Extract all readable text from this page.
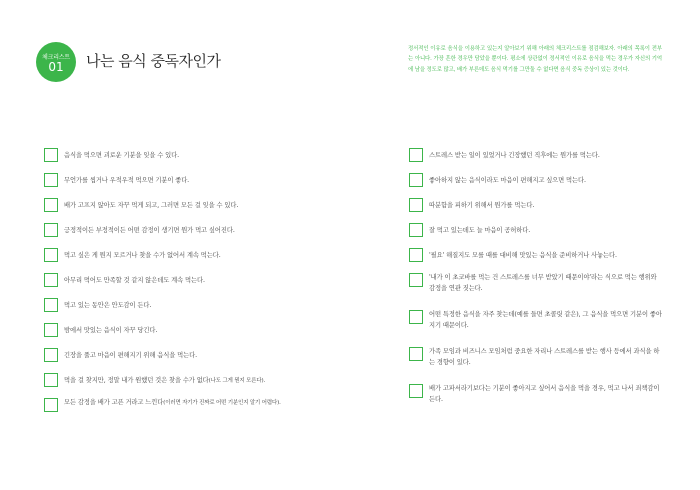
체크리스트
01	나는 음식 중독자인가
정서적인 이유로 음식을 이용하고 있는지 알아보기 위해 아래의 체크리스트를 점검해보자. 아래의 목록이 전부는 아니다. 가장 흔한 경우만 담았을 뿐이다. 평소에 상관없이 정서적인 이유로 음식을 먹는 경우가 자신의 기억에 남을 정도로 많고, 배가 부른데도 음식 먹기를 그만둘 수 없다면 음식 중독 증상이 있는 것이다.
음식을 먹으면 괴로운 기분을 잊을 수 있다.
무언가를 씹거나 우적우적 먹으면 기분이 좋다.
배가 고프지 않아도 자꾸 먹게 되고, 그러면 모든 걸 잊을 수 있다.
긍정적이든 부정적이든 어떤 감정이 생기면 뭔가 먹고 싶어진다.
먹고 싶은 게 뭔지 모르거나 찾을 수가 없어서 계속 먹는다.
아무리 먹어도 만족할 것 같지 않은데도 계속 먹는다.
먹고 있는 동안은 안도감이 든다.
밤에서 맛있는 음식이 자꾸 당긴다.
긴장을 풀고 마음이 편해지기 위해 음식을 먹는다.
먹을 걸 찾지만, 정말 내가 원했던 것은 찾을 수가 없다(나도 그게 뭔지 모른다).
모든 감정을 배가 고픈 거라고 느낀다(이러면 자기가 진짜로 어떤 기분인지 알기 어렵다).
스트레스 받는 일이 있었거나 긴장했던 직후에는 뭔가를 먹는다.
좋아하지 않는 음식이라도 마음이 편해지고 싶으면 먹는다.
따분함을 피하기 위해서 뭔가를 먹는다.
잘 먹고 있는데도 늘 마음이 공허하다.
'필요' 해질지도 모를 때를 대비해 맛있는 음식을 준비하거나 사놓는다.
'내가 이 초코바를 먹는 건 스트레스를 너무 받았기 때문이야'라는 식으로 먹는 행위와 감정을 연관 짓는다.
어떤 특정한 음식을 자주 찾는데(예를 들면 초콜릿 같은), 그 음식을 먹으면 기분이 좋아지기 때문이다.
가족 모임과 비즈니스 모임처럼 중요한 자리나 스트레스를 받는 행사 등에서 과식을 하는 경향이 있다.
배가 고파서라기보다는 기분이 좋아지고 싶어서 음식을 먹을 경우, 먹고 나서 죄책감이 든다.
